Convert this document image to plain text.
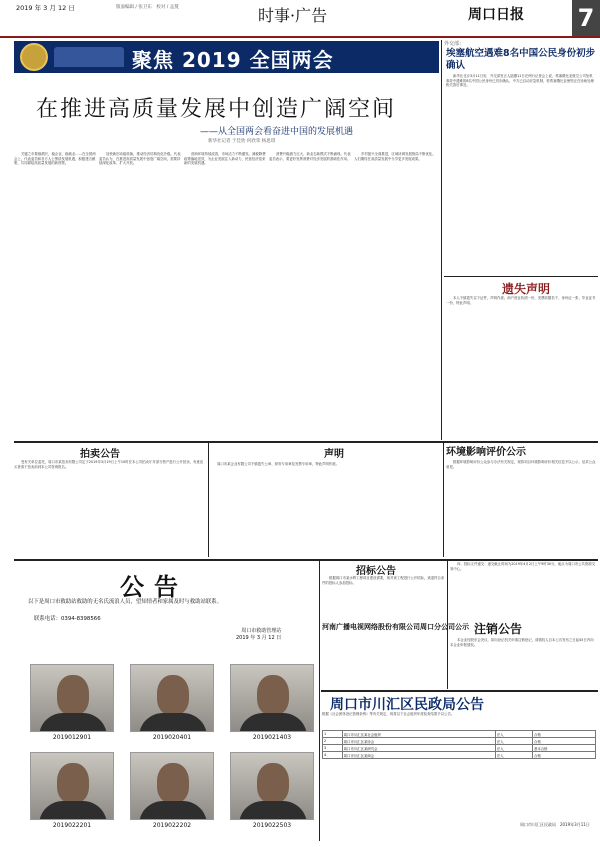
2019 年 3 月 12 日	版面编辑 / 张卫东　校对 / 孟蔓	时事·广告	周口日报 7
聚焦 2019 全国两会
在推进高质量发展中创造广阔空间
——从全国两会看奋进中国的发展机遇
新华社记者 于佳欣 何欣荣 杨思琪

关键之年要稳增长，稳企业、稳就业……在全国两会上，代表委员和各方人士围绕发展机遇，积极建言献策，共同描绘高质量发展的新图景。

加快新旧动能转换，推动经济结构优化升级。代表委员认为，在推进高质量发展中创造广阔空间，需要持续深化改革、扩大开放。

营商环境持续改善，市场活力不断激发。减税降费政策落地见效，为企业发展注入新动力，民营经济迎来新的发展机遇。

消费升级潜力巨大，新业态新模式不断涌现。代表委员表示，要更好发挥消费对经济发展的基础性作用。

乡村振兴全面推进，区域协调发展格局不断优化。人们期待在高质量发展中分享更多发展成果。

外交部：
埃塞航空遇难8名中国公民身份初步确认

新华社北京3月11日电　外交部发言人陆慷11日在例行记者会上说，埃塞俄比亚航空公司坠机事故中遇难的8名中国公民身份已初步确认，中方已启动应急机制，驻埃塞俄比亚使馆正在协助处理相关善后事宜。

遗失声明

本人不慎遗失以下证件，声明作废。商户营业执照一份、发票收据若干、身份证一张、毕业证书一份，特此声明。

拍卖公告

受有关单位委托，周口市某拍卖有限公司定于2019年3月19日上午10时在本公司拍卖厅对部分资产进行公开拍卖，有意竞买者请于拍卖前到本公司咨询报名。

声明

周口市某企业有限公司不慎遗失公章、财务专用章及发票专用章，特此声明作废。

环境影响评价公示

根据环境影响评价公众参与办法有关规定，现将项目环境影响评价相关信息予以公示，征求公众意见。

公告
以下是周口市救助站救助的无名氏流浪人员，望知情者和家属及时与救助站联系。
联系电话：0394-8398566
周口市救助管理站
2019 年 3 月 12 日
2019012901	2019020401	2019021403
2019022201	2019022202	2019022503
招标公告

根据周口市某水利工程项目建设需要，现对该工程进行公开招标，欢迎符合条件的投标人参加投标。

河南广播电视网络股份有限公司周口分公司公示

四、投标文件递交：递交截止时间为2019年4月2日上午9时30分，地点为周口市公共资源交易中心。

注销公告

本企业经股东会决议，拟向登记机关申请注销登记，请债权人自本公告发布之日起45日内向本企业申报债权。

周口市川汇区民政局公告
根据《社会团体登记管理条例》等有关规定，现将以下社会组织年度检查结果予以公告。
1	周口市川汇区某社会组织	法人	合格
2	周口市川汇区某协会	法人	合格
3	周口市川汇区某研究会	法人	基本合格
4	周口市川汇区某商会	法人	合格
周口市川汇区民政局　2019年3月11日
